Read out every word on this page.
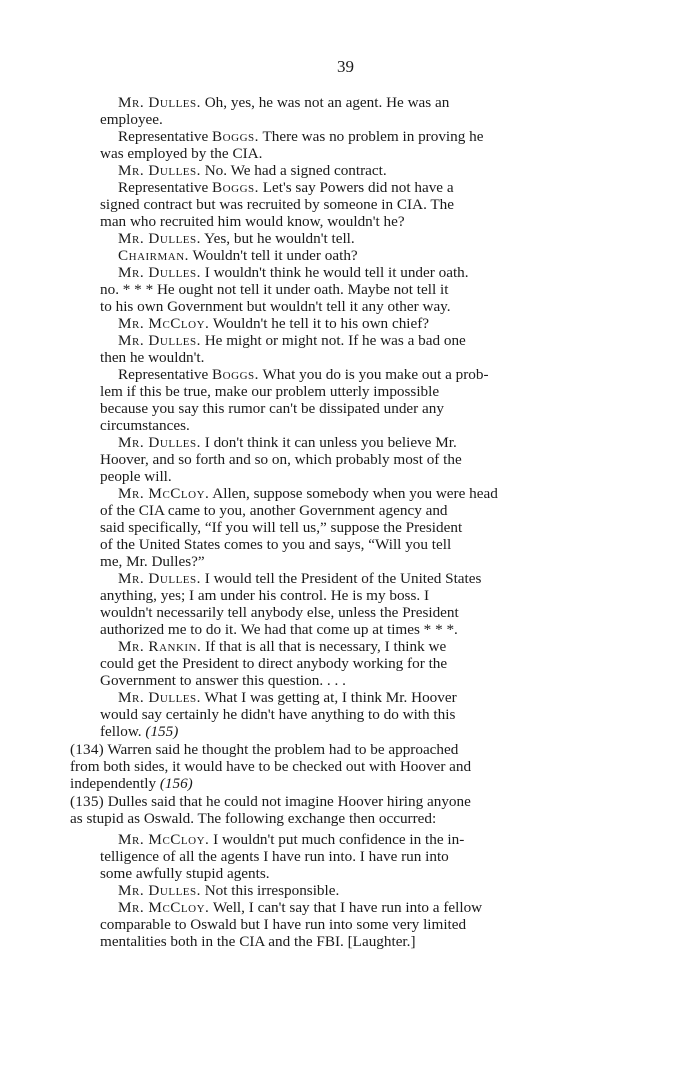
39
Mr. Dulles. Oh, yes, he was not an agent. He was an
employee.
Representative Boggs. There was no problem in proving he
was employed by the CIA.
Mr. Dulles. No. We had a signed contract.
Representative Boggs. Let's say Powers did not have a
signed contract but was recruited by someone in CIA. The
man who recruited him would know, wouldn't he?
Mr. Dulles. Yes, but he wouldn't tell.
Chairman. Wouldn't tell it under oath?
Mr. Dulles. I wouldn't think he would tell it under oath.
no. * * * He ought not tell it under oath. Maybe not tell it
to his own Government but wouldn't tell it any other way.
Mr. McCloy. Wouldn't he tell it to his own chief?
Mr. Dulles. He might or might not. If he was a bad one
then he wouldn't.
Representative Boggs. What you do is you make out a prob-
lem if this be true, make our problem utterly impossible
because you say this rumor can't be dissipated under any
circumstances.
Mr. Dulles. I don't think it can unless you believe Mr.
Hoover, and so forth and so on, which probably most of the
people will.
Mr. McCloy. Allen, suppose somebody when you were head
of the CIA came to you, another Government agency and
said specifically, “If you will tell us,” suppose the President
of the United States comes to you and says, “Will you tell
me, Mr. Dulles?”
Mr. Dulles. I would tell the President of the United States
anything, yes; I am under his control. He is my boss. I
wouldn't necessarily tell anybody else, unless the President
authorized me to do it. We had that come up at times * * *.
Mr. Rankin. If that is all that is necessary, I think we
could get the President to direct anybody working for the
Government to answer this question. . . .
Mr. Dulles. What I was getting at, I think Mr. Hoover
would say certainly he didn't have anything to do with this
fellow. (155)
(134) Warren said he thought the problem had to be approached
from both sides, it would have to be checked out with Hoover and
independently (156)
(135) Dulles said that he could not imagine Hoover hiring anyone
as stupid as Oswald. The following exchange then occurred:
Mr. McCloy. I wouldn't put much confidence in the in-
telligence of all the agents I have run into. I have run into
some awfully stupid agents.
Mr. Dulles. Not this irresponsible.
Mr. McCloy. Well, I can't say that I have run into a fellow
comparable to Oswald but I have run into some very limited
mentalities both in the CIA and the FBI. [Laughter.]
